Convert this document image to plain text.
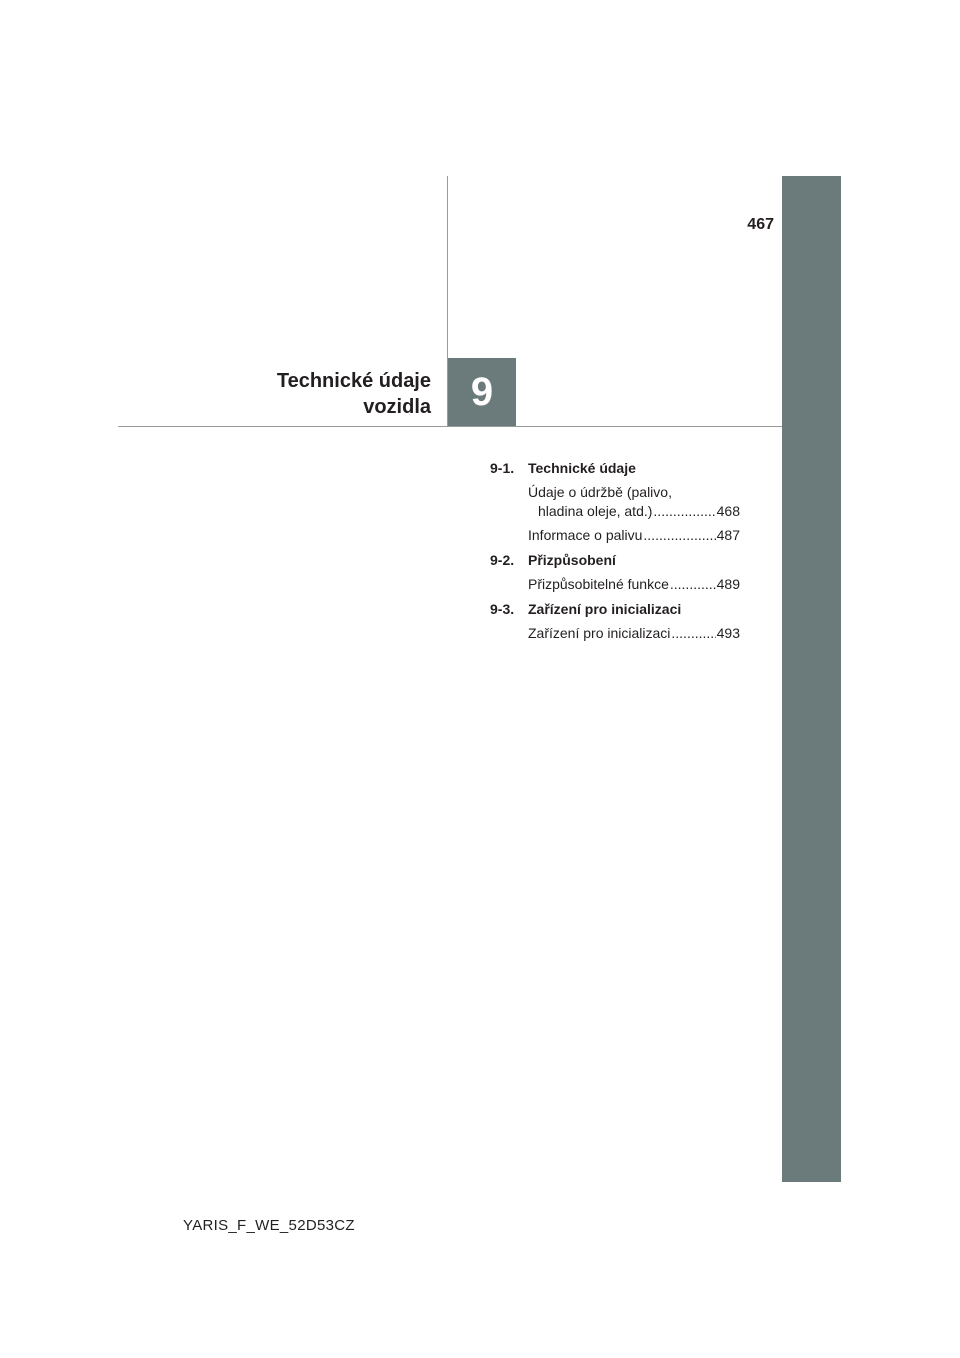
467
Technické údaje
vozidla 9
9-1. Technické údaje
Údaje o údržbě (palivo,
hladina oleje, atd.) .....	468
Informace o palivu .....	487
9-2. Přizpůsobení
Přizpůsobitelné funkce .....	489
9-3. Zařízení pro inicializaci
Zařízení pro inicializaci .....	493
YARIS_F_WE_52D53CZ
